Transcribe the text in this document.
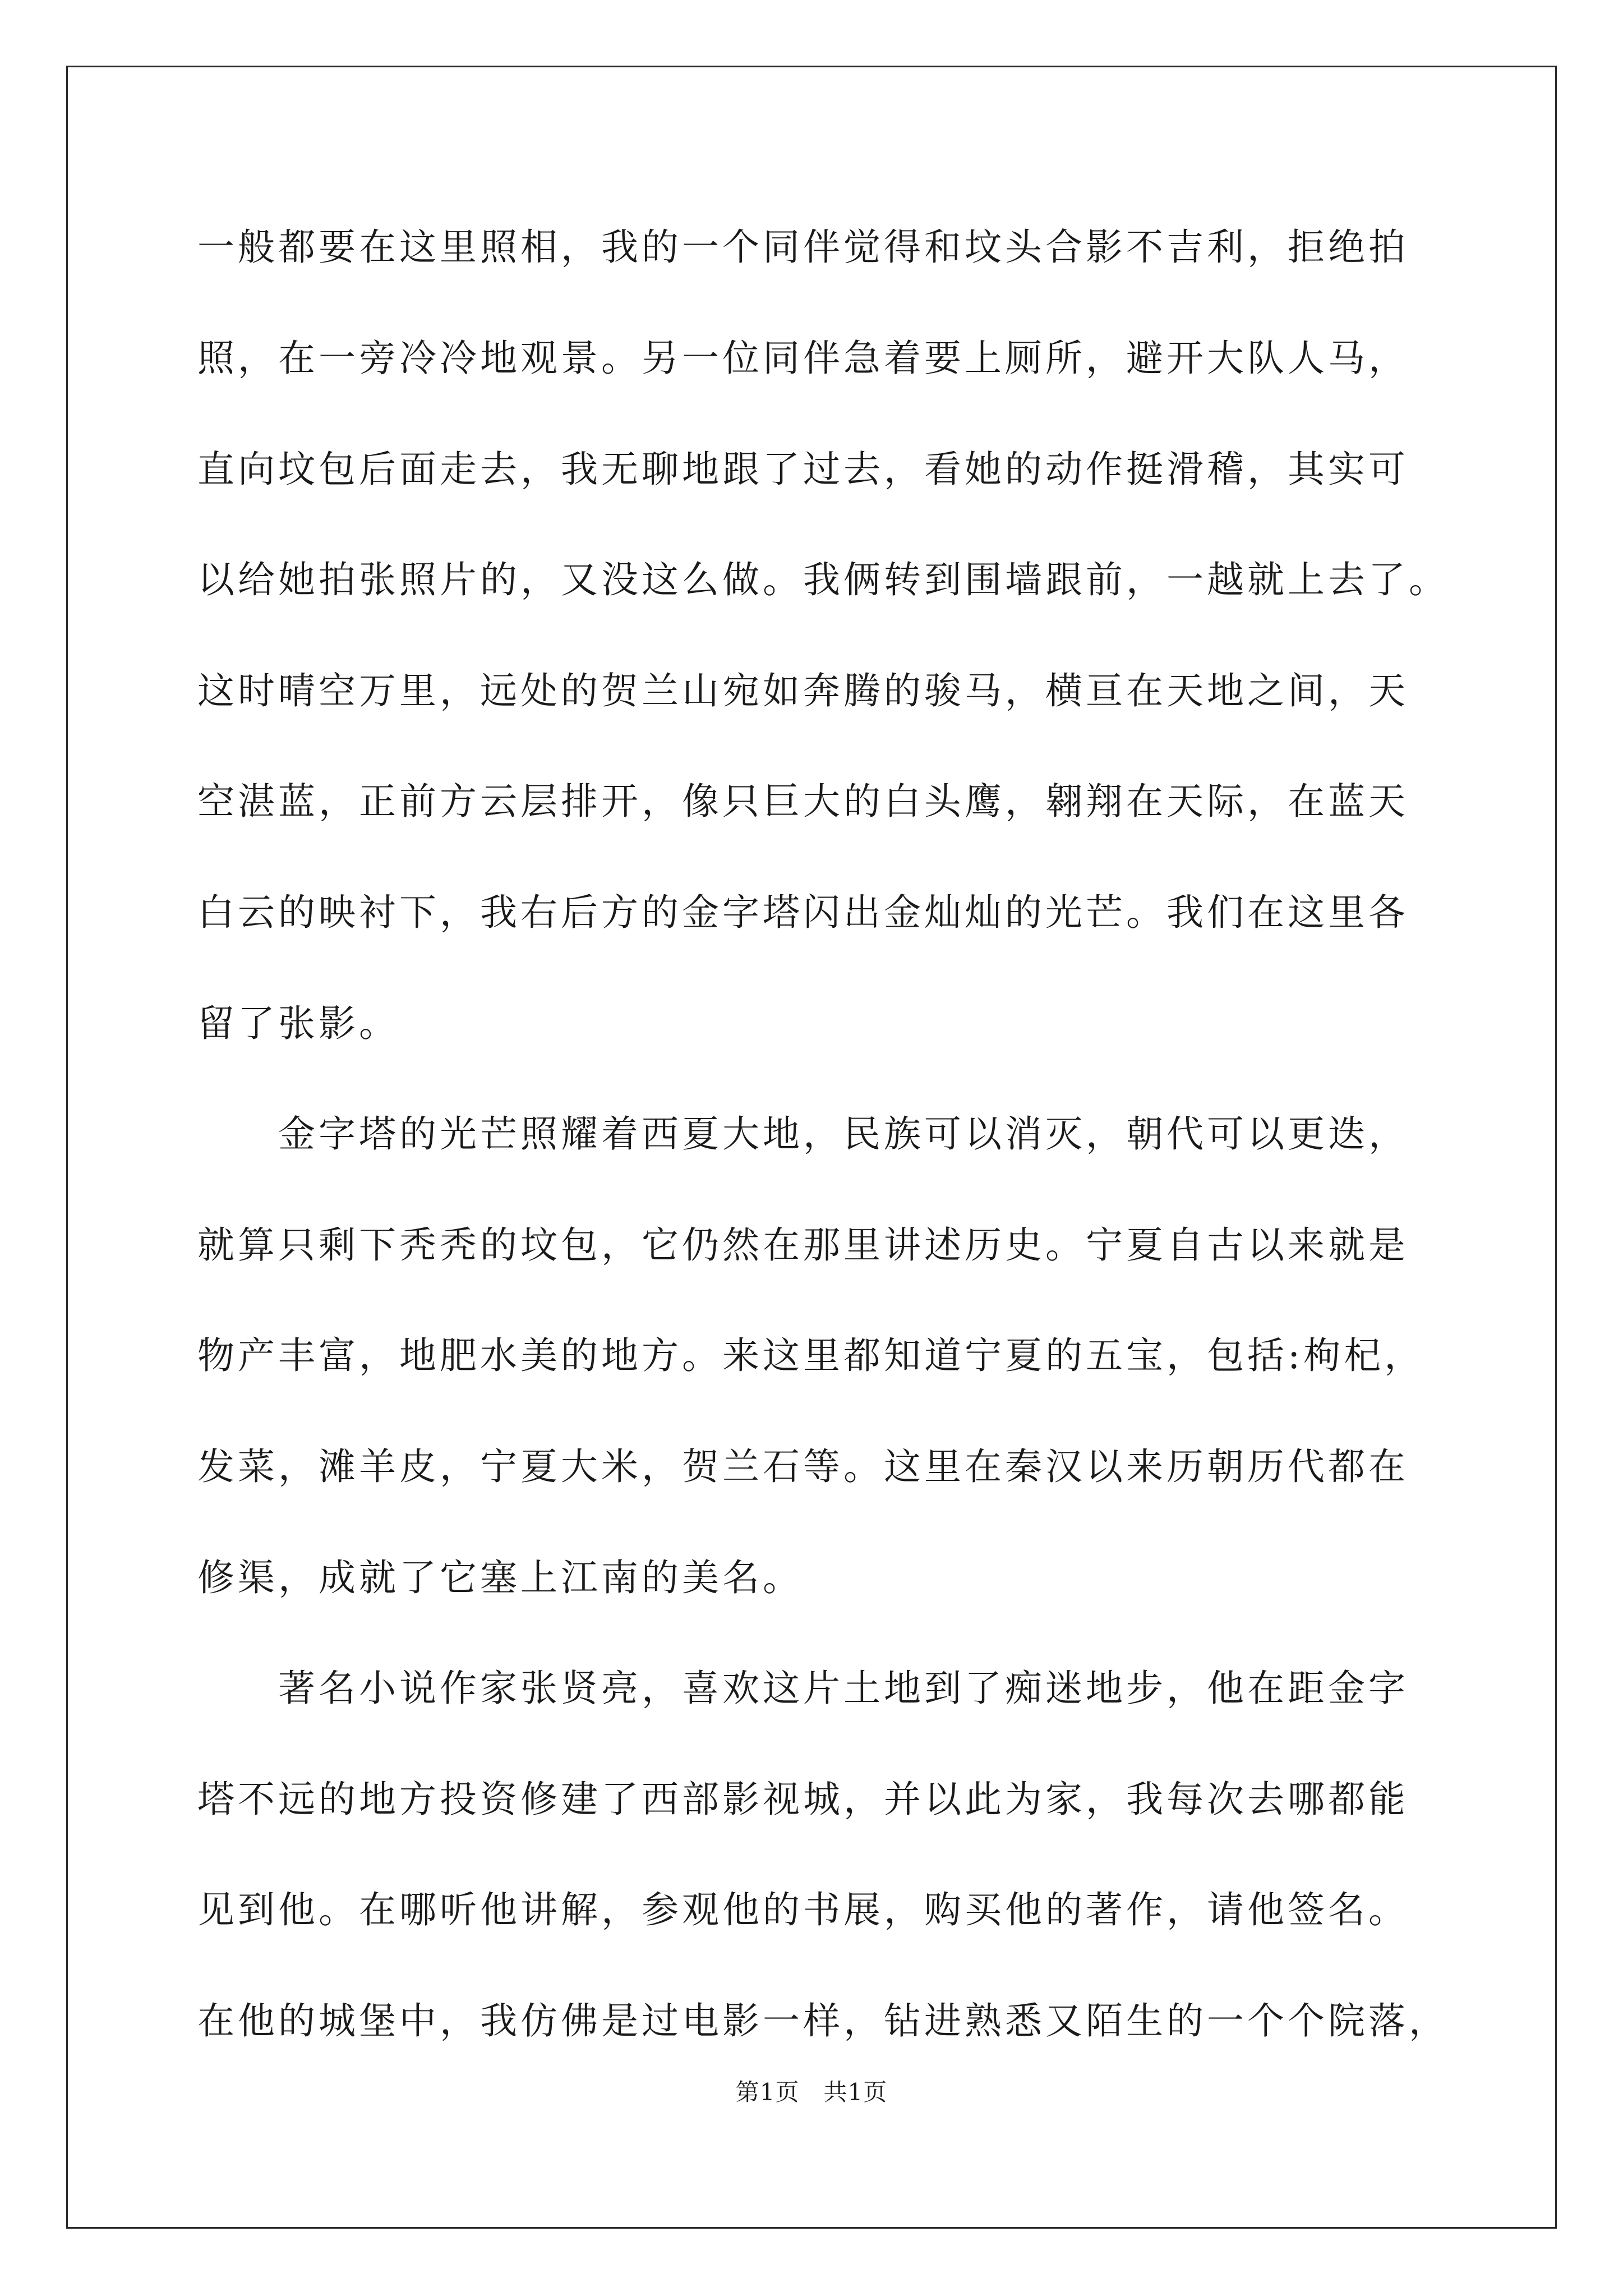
一般都要在这里照相，我的一个同伴觉得和坟头合影不吉利，拒绝拍
照，在一旁冷冷地观景。另一位同伴急着要上厕所，避开大队人马，
直向坟包后面走去，我无聊地跟了过去，看她的动作挺滑稽，其实可
以给她拍张照片的，又没这么做。我俩转到围墙跟前，一越就上去了。
这时晴空万里，远处的贺兰山宛如奔腾的骏马，横亘在天地之间，天
空湛蓝，正前方云层排开，像只巨大的白头鹰，翱翔在天际，在蓝天
白云的映衬下，我右后方的金字塔闪出金灿灿的光芒。我们在这里各
留了张影。
　　金字塔的光芒照耀着西夏大地，民族可以消灭，朝代可以更迭，
就算只剩下秃秃的坟包，它仍然在那里讲述历史。宁夏自古以来就是
物产丰富，地肥水美的地方。来这里都知道宁夏的五宝，包括:枸杞，
发菜，滩羊皮，宁夏大米，贺兰石等。这里在秦汉以来历朝历代都在
修渠，成就了它塞上江南的美名。
　　著名小说作家张贤亮，喜欢这片土地到了痴迷地步，他在距金字
塔不远的地方投资修建了西部影视城，并以此为家，我每次去哪都能
见到他。在哪听他讲解，参观他的书展，购买他的著作，请他签名。
在他的城堡中，我仿佛是过电影一样，钻进熟悉又陌生的一个个院落，
第1页　共1页
